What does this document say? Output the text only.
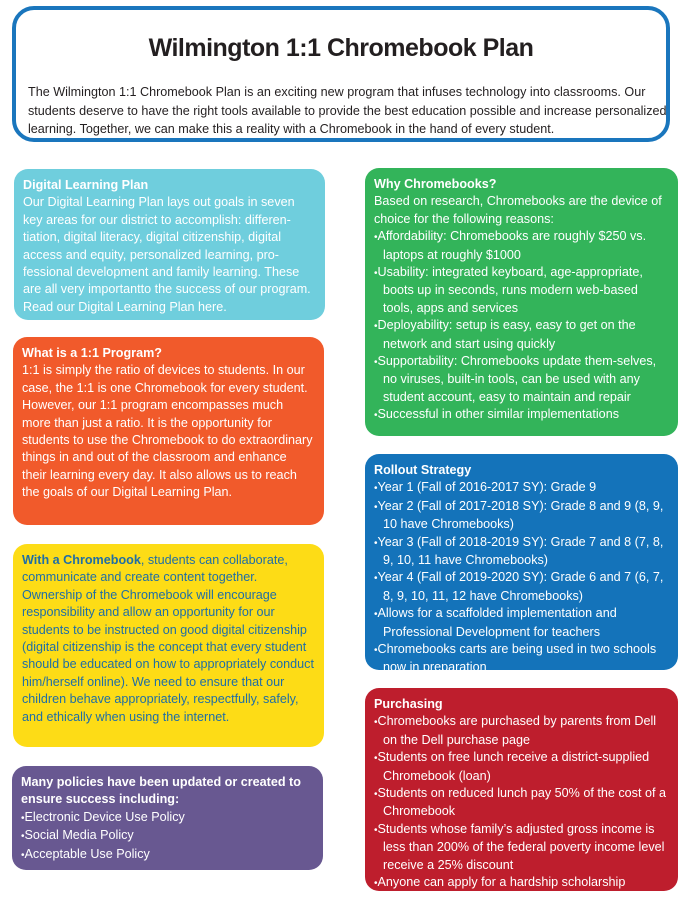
Wilmington 1:1 Chromebook Plan
The Wilmington 1:1 Chromebook Plan is an exciting new program that infuses technology into classrooms. Our students deserve to have the right tools available to provide the best education possible and increase personalized learning. Together, we can make this a reality with a Chromebook in the hand of every student.
Digital Learning Plan

Our Digital Learning Plan lays out goals in seven key areas for our district to accomplish: differen-tiation, digital literacy, digital citizenship, digital access and equity, personalized learning, pro-fessional development and family learning. These are all very importantto the success of our program. Read our Digital Learning Plan here.

What is a 1:1 Program?

1:1 is simply the ratio of devices to students. In our case, the 1:1 is one Chromebook for every student. However, our 1:1 program encompasses much more than just a ratio. It is the opportunity for students to use the Chromebook to do extraordinary things in and out of the classroom and enhance their learning every day. It also allows us to reach the goals of our Digital Learning Plan.

With a Chromebook, students can collaborate, communicate and create content together. Ownership of the Chromebook will encourage responsibility and allow an opportunity for our students to be instructed on good digital citizenship (digital citizenship is the concept that every student should be educated on how to appropriately conduct him/herself online). We need to ensure that our children behave appropriately, respectfully, safely, and ethically when using the internet.

Many policies have been updated or created to ensure success including:
• Electronic Device Use Policy
• Social Media Policy
• Acceptable Use Policy
Why Chromebooks?

Based on research, Chromebooks are the device of choice for the following reasons:

• Affordability: Chromebooks are roughly $250 vs. laptops at roughly $1000
• Usability: integrated keyboard, age-appropriate, boots up in seconds, runs modern web-based tools, apps and services
• Deployability: setup is easy, easy to get on the network and start using quickly
• Supportability: Chromebooks update them-selves, no viruses, built-in tools, can be used with any student account, easy to maintain and repair
• Successful in other similar implementations
Rollout Strategy
• Year 1 (Fall of 2016-2017 SY): Grade 9
• Year 2 (Fall of 2017-2018 SY): Grade 8 and 9 (8, 9, 10 have Chromebooks)
• Year 3 (Fall of 2018-2019 SY): Grade 7 and 8 (7, 8, 9, 10, 11 have Chromebooks)
• Year 4 (Fall of 2019-2020 SY): Grade 6 and 7 (6, 7, 8, 9, 10, 11, 12 have Chromebooks)
• Allows for a scaffolded implementation and Professional Development for teachers
• Chromebooks carts are being used in two schools now in preparation
Purchasing
• Chromebooks are purchased by parents from Dell on the Dell purchase page
• Students on free lunch receive a district-supplied Chromebook (loan)
• Students on reduced lunch pay 50% of the cost of a Chromebook
• Students whose family’s adjusted gross income is less than 200% of the federal poverty income level receive a 25% discount
• Anyone can apply for a hardship scholarship
